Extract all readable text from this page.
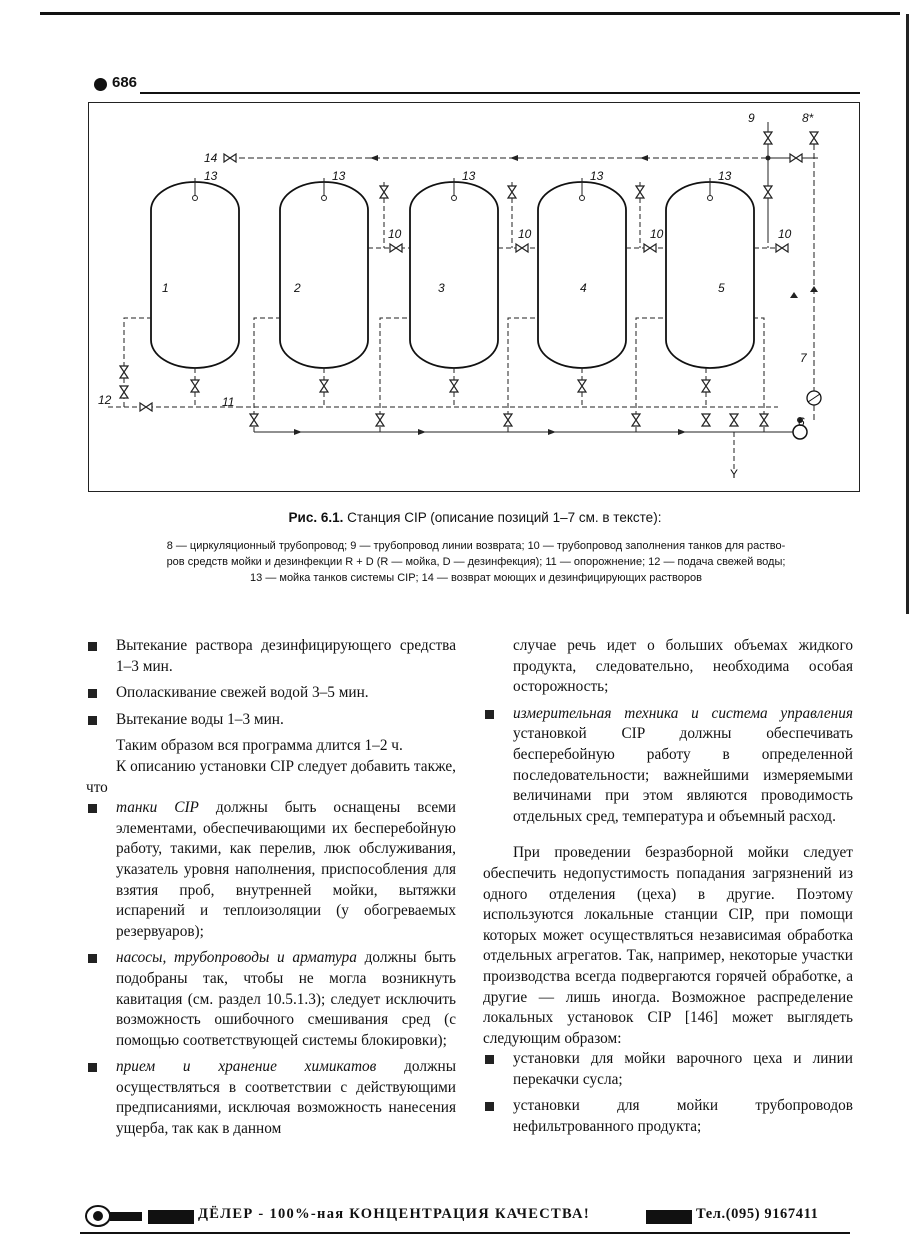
686
1	2	3	4	5
6
7
8*
9
10	10	10	10
11
12
13	13	13	13	13
14
Y
Рис. 6.1. Станция CIP (описание позиций 1–7 см. в тексте):
8 — циркуляционный трубопровод; 9 — трубопровод линии возврата; 10 — трубопровод заполнения танков для раство-
ров средств мойки и дезинфекции R + D (R — мойка, D — дезинфекция); 11 — опорожнение; 12 — подача свежей воды;
13 — мойка танков системы CIP; 14 — возврат моющих и дезинфицирующих растворов
Вытекание раствора дезинфицирующего средства 1–3 мин.
Ополаскивание свежей водой 3–5 мин.
Вытекание воды 1–3 мин.

Таким образом вся программа длится 1–2 ч.

К описанию установки CIP следует добавить также, что

танки CIP должны быть оснащены всеми элементами, обеспечивающими их бесперебойную работу, такими, как перелив, люк обслуживания, указатель уровня наполнения, приспособления для взятия проб, внутренней мойки, вытяжки испарений и теплоизоляции (у обогреваемых резервуаров);
насосы, трубопроводы и арматура должны быть подобраны так, чтобы не могла возникнуть кавитация (см. раздел 10.5.1.3); следует исключить возможность ошибочного смешивания сред (с помощью соответствующей системы блокировки);
прием и хранение химикатов должны осуществляться в соответствии с действующими предписаниями, исключая возможность нанесения ущерба, так как в данном
случае речь идет о больших объемах жидкого продукта, следовательно, необходима особая осторожность;
измерительная техника и система управления установкой CIP должны обеспечивать бесперебойную работу в определенной последовательности; важнейшими измеряемыми величинами при этом являются проводимость отдельных сред, температура и объемный расход.

При проведении безразборной мойки следует обеспечить недопустимость попадания загрязнений из одного отделения (цеха) в другие. Поэтому используются локальные станции CIP, при помощи которых может осуществляться независимая обработка отдельных агрегатов. Так, например, некоторые участки производства всегда подвергаются горячей обработке, а другие — лишь иногда. Возможное распределение локальных установок CIP [146] может выглядеть следующим образом:

установки для мойки варочного цеха и линии перекачки сусла;
установки для мойки трубопроводов нефильтрованного продукта;
ДЁЛЕР - 100%-ная КОНЦЕНТРАЦИЯ КАЧЕСТВА!	Тел.(095) 9167411
